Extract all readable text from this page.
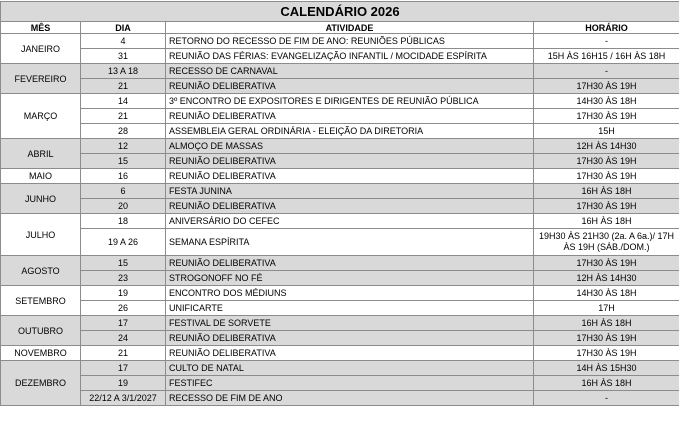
CALENDÁRIO 2026			
MÊS	DIA	ATIVIDADE	HORÁRIO
JANEIRO	4	RETORNO DO RECESSO DE FIM DE ANO: REUNIÕES PÚBLICAS	-
	31	REUNIÃO DAS FÉRIAS: EVANGELIZAÇÃO INFANTIL / MOCIDADE ESPÍRITA	15H ÀS 16H15 / 16H ÀS 18H
FEVEREIRO	13 A 18	RECESSO DE CARNAVAL	-
	21	REUNIÃO DELIBERATIVA	17H30 ÀS 19H
MARÇO	14	3º ENCONTRO DE EXPOSITORES E DIRIGENTES DE REUNIÃO PÚBLICA	14H30 ÀS 18H
	21	REUNIÃO DELIBERATIVA	17H30 ÀS 19H
	28	ASSEMBLEIA GERAL ORDINÁRIA - ELEIÇÃO DA DIRETORIA	15H
ABRIL	12	ALMOÇO DE MASSAS	12H ÀS 14H30
	15	REUNIÃO DELIBERATIVA	17H30 ÀS 19H
MAIO	16	REUNIÃO DELIBERATIVA	17H30 ÀS 19H
JUNHO	6	FESTA JUNINA	16H ÀS 18H
	20	REUNIÃO DELIBERATIVA	17H30 ÀS 19H
JULHO	18	ANIVERSÁRIO DO CEFEC	16H ÀS 18H
	19 A 26	SEMANA ESPÍRITA	19H30 ÀS 21H30 (2a. A 6a.)/ 17H ÀS 19H (SÁB./DOM.)
AGOSTO	15	REUNIÃO DELIBERATIVA	17H30 ÀS 19H
	23	STROGONOFF NO FÉ	12H ÀS 14H30
SETEMBRO	19	ENCONTRO DOS MÉDIUNS	14H30 ÀS 18H
	26	UNIFICARTE	17H
OUTUBRO	17	FESTIVAL DE SORVETE	16H ÀS 18H
	24	REUNIÃO DELIBERATIVA	17H30 ÀS 19H
NOVEMBRO	21	REUNIÃO DELIBERATIVA	17H30 ÀS 19H
DEZEMBRO	17	CULTO DE NATAL	14H ÀS 15H30
	19	FESTIFEC	16H ÀS 18H
	22/12 A 3/1/2027	RECESSO DE FIM DE ANO	-
